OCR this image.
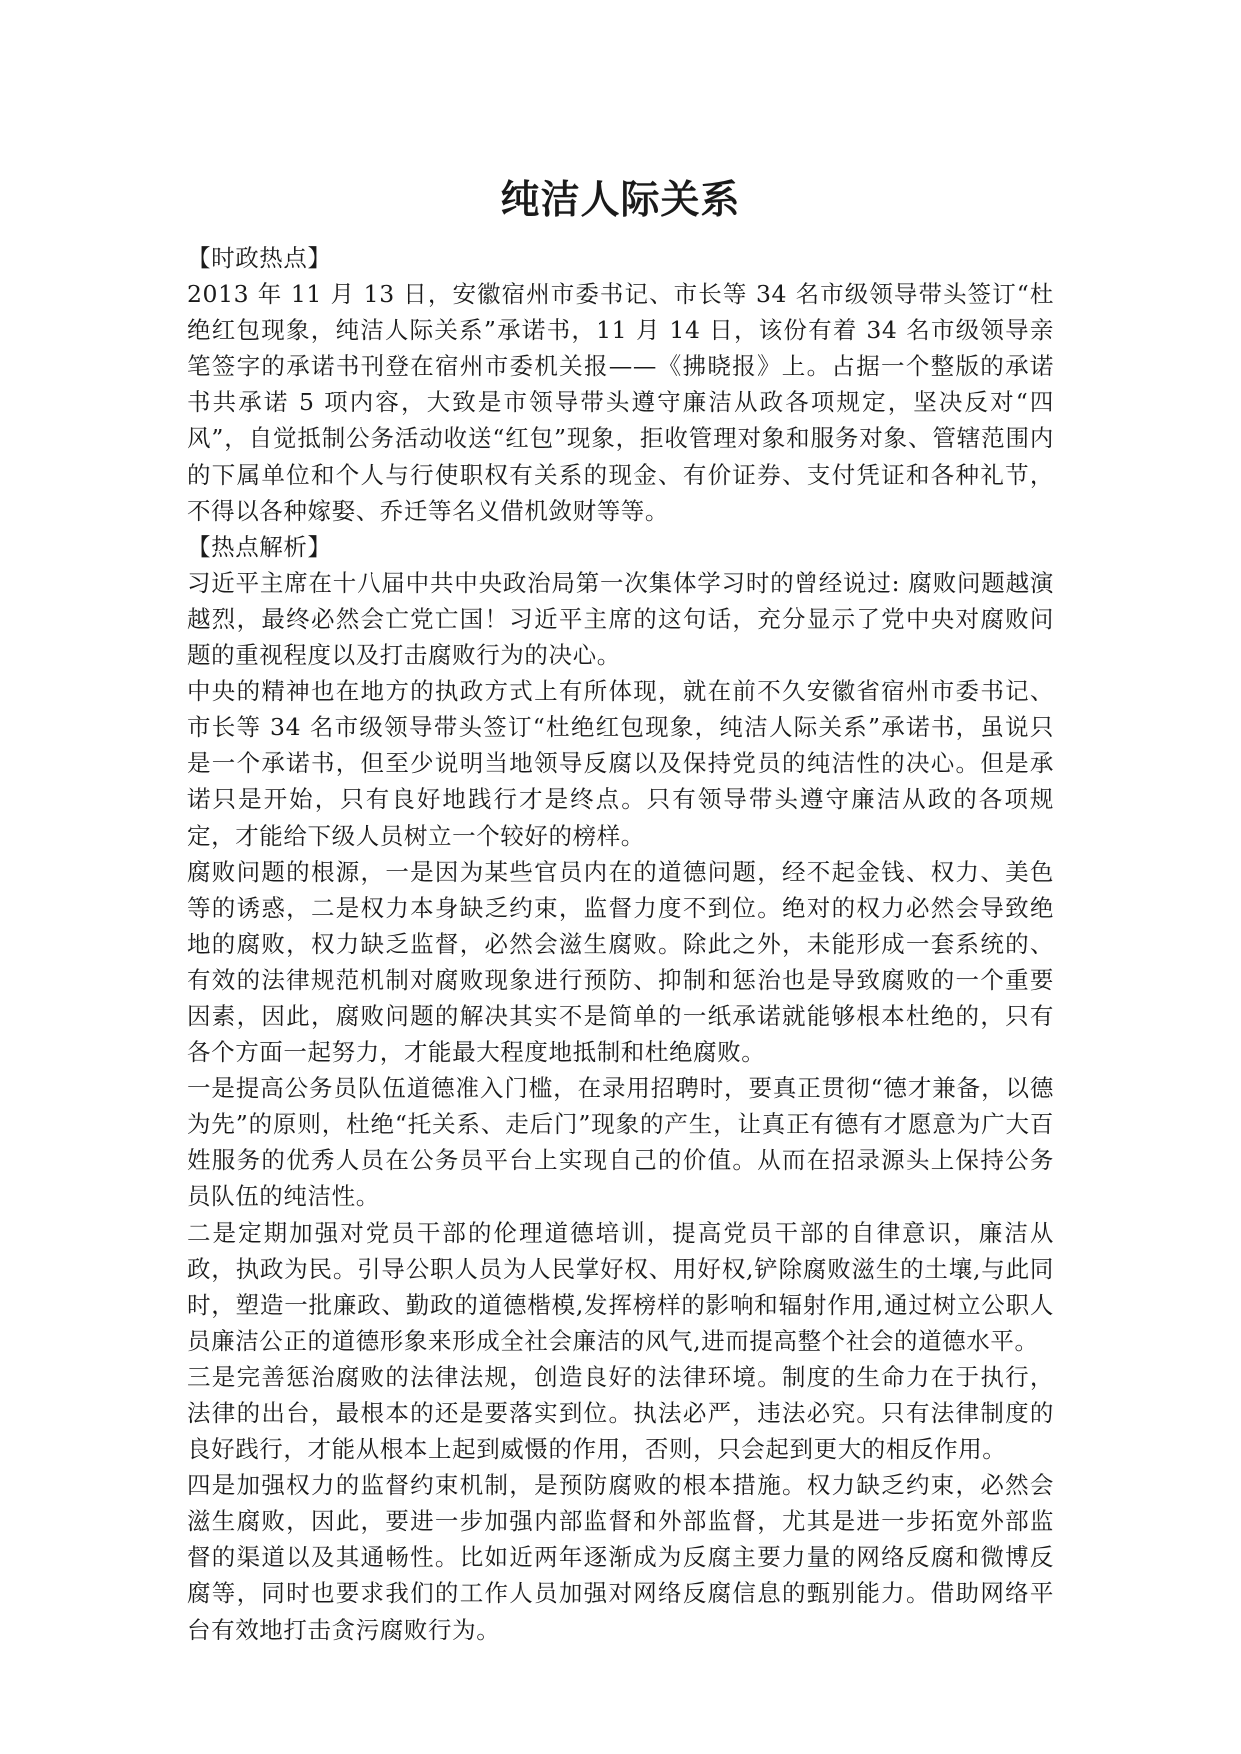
纯洁人际关系

【时政热点】

2013 年 11 月 13 日，安徽宿州市委书记、市长等 34 名市级领导带头签订“杜绝红包现象，纯洁人际关系”承诺书，11 月 14 日，该份有着 34 名市级领导亲笔签字的承诺书刊登在宿州市委机关报——《拂晓报》上。占据一个整版的承诺书共承诺 5 项内容，大致是市领导带头遵守廉洁从政各项规定，坚决反对“四风”，自觉抵制公务活动收送“红包”现象，拒收管理对象和服务对象、管辖范围内的下属单位和个人与行使职权有关系的现金、有价证券、支付凭证和各种礼节，不得以各种嫁娶、乔迁等名义借机敛财等等。

【热点解析】

习近平主席在十八届中共中央政治局第一次集体学习时的曾经说过: 腐败问题越演越烈，最终必然会亡党亡国！习近平主席的这句话，充分显示了党中央对腐败问题的重视程度以及打击腐败行为的决心。

中央的精神也在地方的执政方式上有所体现，就在前不久安徽省宿州市委书记、市长等 34 名市级领导带头签订“杜绝红包现象，纯洁人际关系”承诺书，虽说只是一个承诺书，但至少说明当地领导反腐以及保持党员的纯洁性的决心。但是承诺只是开始，只有良好地践行才是终点。只有领导带头遵守廉洁从政的各项规定，才能给下级人员树立一个较好的榜样。

腐败问题的根源，一是因为某些官员内在的道德问题，经不起金钱、权力、美色等的诱惑，二是权力本身缺乏约束，监督力度不到位。绝对的权力必然会导致绝地的腐败，权力缺乏监督，必然会滋生腐败。除此之外，未能形成一套系统的、有效的法律规范机制对腐败现象进行预防、抑制和惩治也是导致腐败的一个重要因素，因此，腐败问题的解决其实不是简单的一纸承诺就能够根本杜绝的，只有各个方面一起努力，才能最大程度地抵制和杜绝腐败。

一是提高公务员队伍道德准入门槛，在录用招聘时，要真正贯彻“德才兼备，以德为先”的原则，杜绝“托关系、走后门”现象的产生，让真正有德有才愿意为广大百姓服务的优秀人员在公务员平台上实现自己的价值。从而在招录源头上保持公务员队伍的纯洁性。

二是定期加强对党员干部的伦理道德培训，提高党员干部的自律意识，廉洁从政，执政为民。引导公职人员为人民掌好权、用好权,铲除腐败滋生的土壤,与此同时，塑造一批廉政、勤政的道德楷模,发挥榜样的影响和辐射作用,通过树立公职人员廉洁公正的道德形象来形成全社会廉洁的风气,进而提高整个社会的道德水平。

三是完善惩治腐败的法律法规，创造良好的法律环境。制度的生命力在于执行，法律的出台，最根本的还是要落实到位。执法必严，违法必究。只有法律制度的良好践行，才能从根本上起到威慑的作用，否则，只会起到更大的相反作用。

四是加强权力的监督约束机制，是预防腐败的根本措施。权力缺乏约束，必然会滋生腐败，因此，要进一步加强内部监督和外部监督，尤其是进一步拓宽外部监督的渠道以及其通畅性。比如近两年逐渐成为反腐主要力量的网络反腐和微博反腐等，同时也要求我们的工作人员加强对网络反腐信息的甄别能力。借助网络平台有效地打击贪污腐败行为。
